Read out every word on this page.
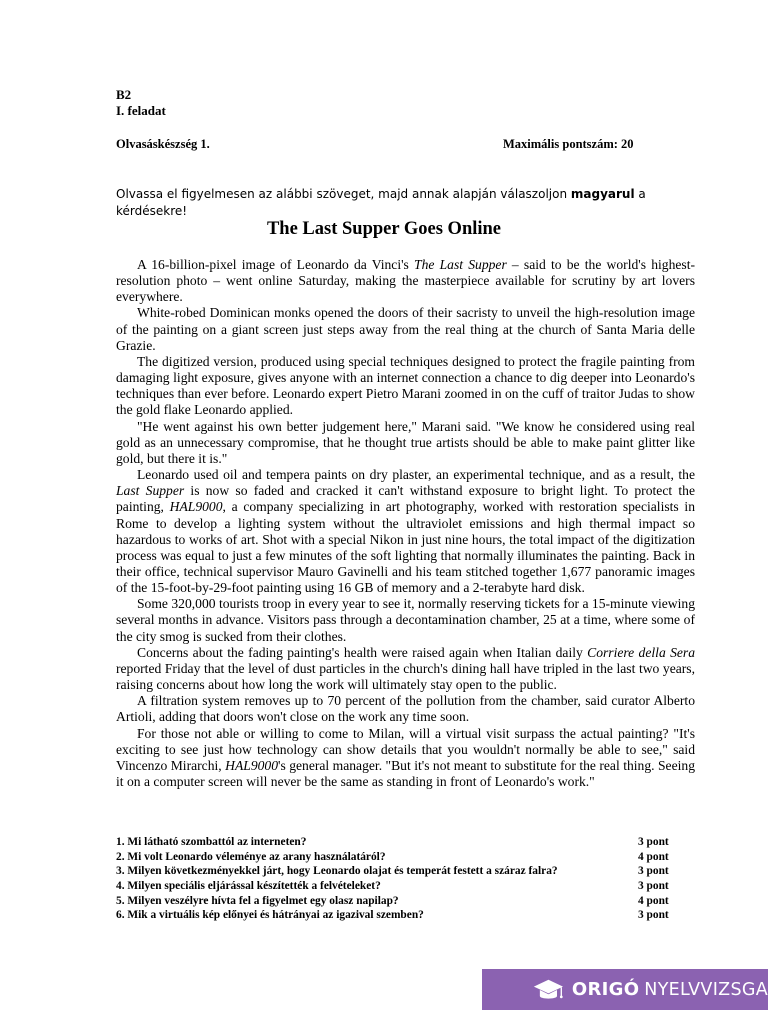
B2
I. feladat
Olvasáskészség 1.	Maximális pontszám: 20
Olvassa el figyelmesen az alábbi szöveget, majd annak alapján válaszoljon magyarul a kérdésekre!
The Last Supper Goes Online

A 16-billion-pixel image of Leonardo da Vinci's The Last Supper – said to be the world's highest-resolution photo – went online Saturday, making the masterpiece available for scrutiny by art lovers everywhere.

White-robed Dominican monks opened the doors of their sacristy to unveil the high-resolution image of the painting on a giant screen just steps away from the real thing at the church of Santa Maria delle Grazie.

The digitized version, produced using special techniques designed to protect the fragile painting from damaging light exposure, gives anyone with an internet connection a chance to dig deeper into Leonardo's techniques than ever before. Leonardo expert Pietro Marani zoomed in on the cuff of traitor Judas to show the gold flake Leonardo applied.

"He went against his own better judgement here," Marani said. "We know he considered using real gold as an unnecessary compromise, that he thought true artists should be able to make paint glitter like gold, but there it is."

Leonardo used oil and tempera paints on dry plaster, an experimental technique, and as a result, the Last Supper is now so faded and cracked it can't withstand exposure to bright light. To protect the painting, HAL9000, a company specializing in art photography, worked with restoration specialists in Rome to develop a lighting system without the ultraviolet emissions and high thermal impact so hazardous to works of art. Shot with a special Nikon in just nine hours, the total impact of the digitization process was equal to just a few minutes of the soft lighting that normally illuminates the painting. Back in their office, technical supervisor Mauro Gavinelli and his team stitched together 1,677 panoramic images of the 15-foot-by-29-foot painting using 16 GB of memory and a 2-terabyte hard disk.

Some 320,000 tourists troop in every year to see it, normally reserving tickets for a 15-minute viewing several months in advance. Visitors pass through a decontamination chamber, 25 at a time, where some of the city smog is sucked from their clothes.

Concerns about the fading painting's health were raised again when Italian daily Corriere della Sera reported Friday that the level of dust particles in the church's dining hall have tripled in the last two years, raising concerns about how long the work will ultimately stay open to the public.

A filtration system removes up to 70 percent of the pollution from the chamber, said curator Alberto Artioli, adding that doors won't close on the work any time soon.

For those not able or willing to come to Milan, will a virtual visit surpass the actual painting? "It's exciting to see just how technology can show details that you wouldn't normally be able to see," said Vincenzo Mirarchi, HAL9000's general manager. "But it's not meant to substitute for the real thing. Seeing it on a computer screen will never be the same as standing in front of Leonardo's work."

1. Mi látható szombattól az interneten?	3 pont
2. Mi volt Leonardo véleménye az arany használatáról?	4 pont
3. Milyen következményekkel járt, hogy Leonardo olajat és temperát festett a száraz falra?	3 pont
4. Milyen speciális eljárással készítették a felvételeket?	3 pont
5. Milyen veszélyre hívta fel a figyelmet egy olasz napilap?	4 pont
6. Mik a virtuális kép előnyei és hátrányai az igazival szemben?	3 pont
ORIGÓ NYELVVIZSGA
